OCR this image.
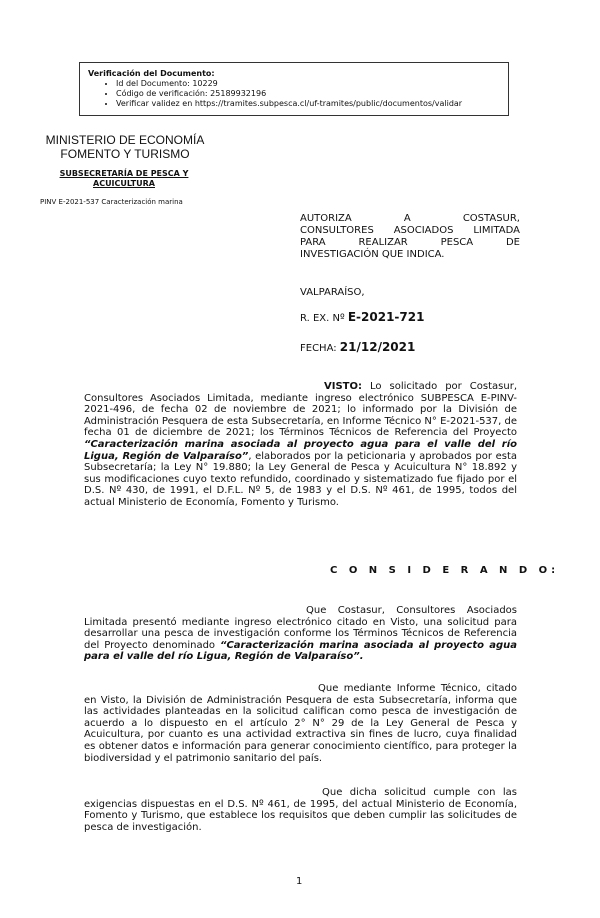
Verificación del Documento:
• Id del Documento: 10229
• Código de verificación: 25189932196
• Verificar validez en https://tramites.subpesca.cl/uf-tramites/public/documentos/validar
MINISTERIO DE ECONOMÍA
FOMENTO Y TURISMO
SUBSECRETARÍA DE PESCA Y
ACUICULTURA
PINV E-2021-537 Caracterización marina
AUTORIZA A COSTASUR,
CONSULTORES ASOCIADOS LIMITADA
PARA REALIZAR PESCA DE
INVESTIGACIÓN QUE INDICA.
VALPARAÍSO,
R. EX. Nº E-2021-721
FECHA: 21/12/2021
VISTO: Lo solicitado por Costasur, Consultores Asociados Limitada, mediante ingreso electrónico SUBPESCA E-PINV-2021-496, de fecha 02 de noviembre de 2021; lo informado por la División de Administración Pesquera de esta Subsecretaría, en Informe Técnico N° E-2021-537, de fecha 01 de diciembre de 2021; los Términos Técnicos de Referencia del Proyecto “Caracterización marina asociada al proyecto agua para el valle del río Ligua, Región de Valparaíso”, elaborados por la peticionaria y aprobados por esta Subsecretaría; la Ley N° 19.880; la Ley General de Pesca y Acuicultura N° 18.892 y sus modificaciones cuyo texto refundido, coordinado y sistematizado fue fijado por el D.S. Nº 430, de 1991, el D.F.L. Nº 5, de 1983 y el D.S. Nº 461, de 1995, todos del actual Ministerio de Economía, Fomento y Turismo.
C O N S I D E R A N D O:
Que Costasur, Consultores Asociados Limitada presentó mediante ingreso electrónico citado en Visto, una solicitud para desarrollar una pesca de investigación conforme los Términos Técnicos de Referencia del Proyecto denominado “Caracterización marina asociada al proyecto agua para el valle del río Ligua, Región de Valparaíso”.
Que mediante Informe Técnico, citado en Visto, la División de Administración Pesquera de esta Subsecretaría, informa que las actividades planteadas en la solicitud califican como pesca de investigación de acuerdo a lo dispuesto en el artículo 2° N° 29 de la Ley General de Pesca y Acuicultura, por cuanto es una actividad extractiva sin fines de lucro, cuya finalidad es obtener datos e información para generar conocimiento científico, para proteger la biodiversidad y el patrimonio sanitario del país.
Que dicha solicitud cumple con las exigencias dispuestas en el D.S. Nº 461, de 1995, del actual Ministerio de Economía, Fomento y Turismo, que establece los requisitos que deben cumplir las solicitudes de pesca de investigación.
1
